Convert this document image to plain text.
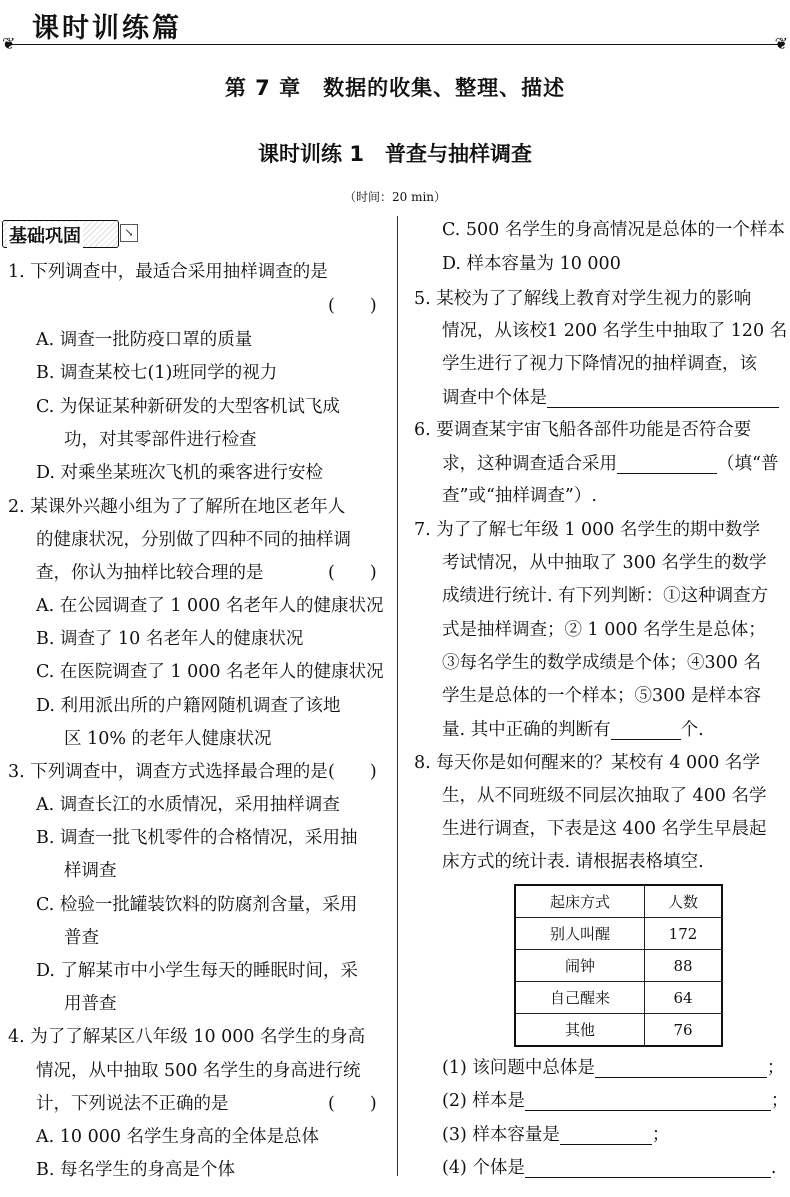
课时训练篇
❦	❦
第 7 章　数据的收集、整理、描述
课时训练 1　普查与抽样调查
（时间：20 min）
基础巩固	↘
1. 下列调查中，最适合采用抽样调查的是
(　　)
A. 调查一批防疫口罩的质量
B. 调查某校七(1)班同学的视力
C. 为保证某种新研发的大型客机试飞成
功，对其零部件进行检查
D. 对乘坐某班次飞机的乘客进行安检
2. 某课外兴趣小组为了了解所在地区老年人
的健康状况，分别做了四种不同的抽样调
查，你认为抽样比较合理的是	(　　)
A. 在公园调查了 1 000 名老年人的健康状况
B. 调查了 10 名老年人的健康状况
C. 在医院调查了 1 000 名老年人的健康状况
D. 利用派出所的户籍网随机调查了该地
区 10% 的老年人健康状况
3. 下列调查中，调查方式选择最合理的是 (　　)
A. 调查长江的水质情况，采用抽样调查
B. 调查一批飞机零件的合格情况，采用抽
样调查
C. 检验一批罐装饮料的防腐剂含量，采用
普查
D. 了解某市中小学生每天的睡眠时间，采
用普查
4. 为了了解某区八年级 10 000 名学生的身高
情况，从中抽取 500 名学生的身高进行统
计，下列说法不正确的是	(　　)
A. 10 000 名学生身高的全体是总体
B. 每名学生的身高是个体
C. 500 名学生的身高情况是总体的一个样本
D. 样本容量为 10 000
5. 某校为了了解线上教育对学生视力的影响
情况，从该校1 200 名学生中抽取了 120 名
学生进行了视力下降情况的抽样调查，该
调查中个体是
6. 要调查某宇宙飞船各部件功能是否符合要
求，这种调查适合采用	（填“普
查”或“抽样调查”）.
7. 为了了解七年级 1 000 名学生的期中数学
考试情况，从中抽取了 300 名学生的数学
成绩进行统计. 有下列判断：①这种调查方
式是抽样调查；② 1 000 名学生是总体；
③每名学生的数学成绩是个体；④300 名
学生是总体的一个样本；⑤300 是样本容
量. 其中正确的判断有	个.
8. 每天你是如何醒来的？某校有 4 000 名学
生，从不同班级不同层次抽取了 400 名学
生进行调查，下表是这 400 名学生早晨起
床方式的统计表. 请根据表格填空.
起床方式	人数
别人叫醒	172
闹钟	88
自己醒来	64
其他	76
(1) 该问题中总体是	；
(2) 样本是	；
(3) 样本容量是	；
(4) 个体是	.
